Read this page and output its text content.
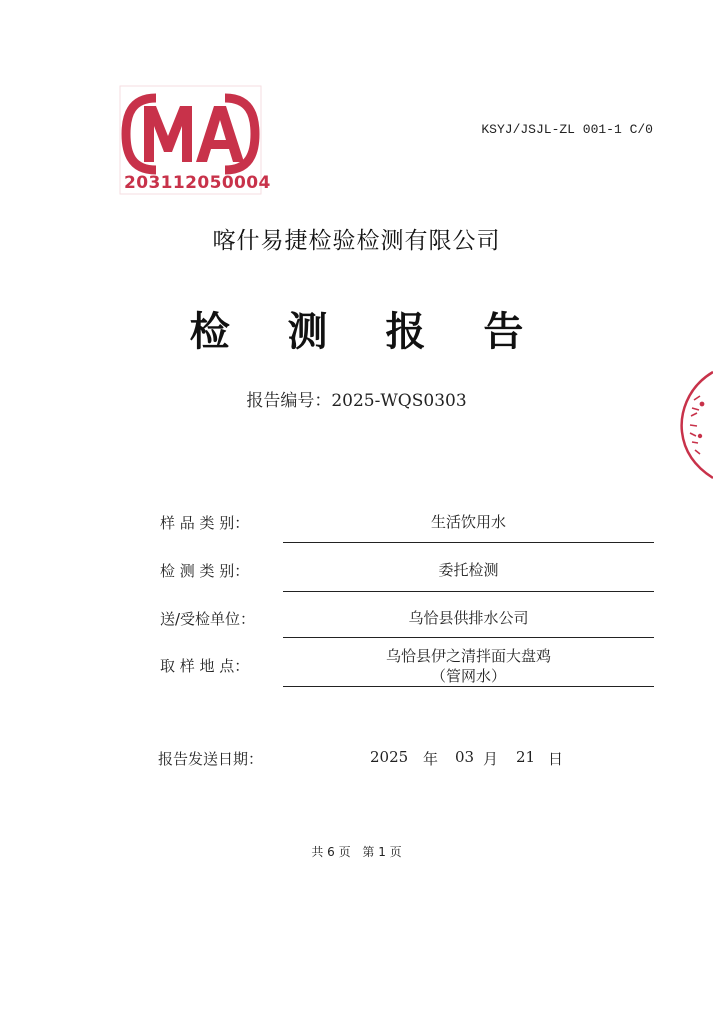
203112050004
KSYJ/JSJL-ZL 001-1 C/0
喀什易捷检验检测有限公司
检 测 报 告
报告编号：2025-WQS0303
样 品 类 别：	生活饮用水
检 测 类 别：	委托检测
送/受检单位：	乌恰县供排水公司
取 样 地 点：
乌恰县伊之清拌面大盘鸡
（管网水）
报告发送日期：	2025 年 03 月 21 日
共 6 页 第 1 页
